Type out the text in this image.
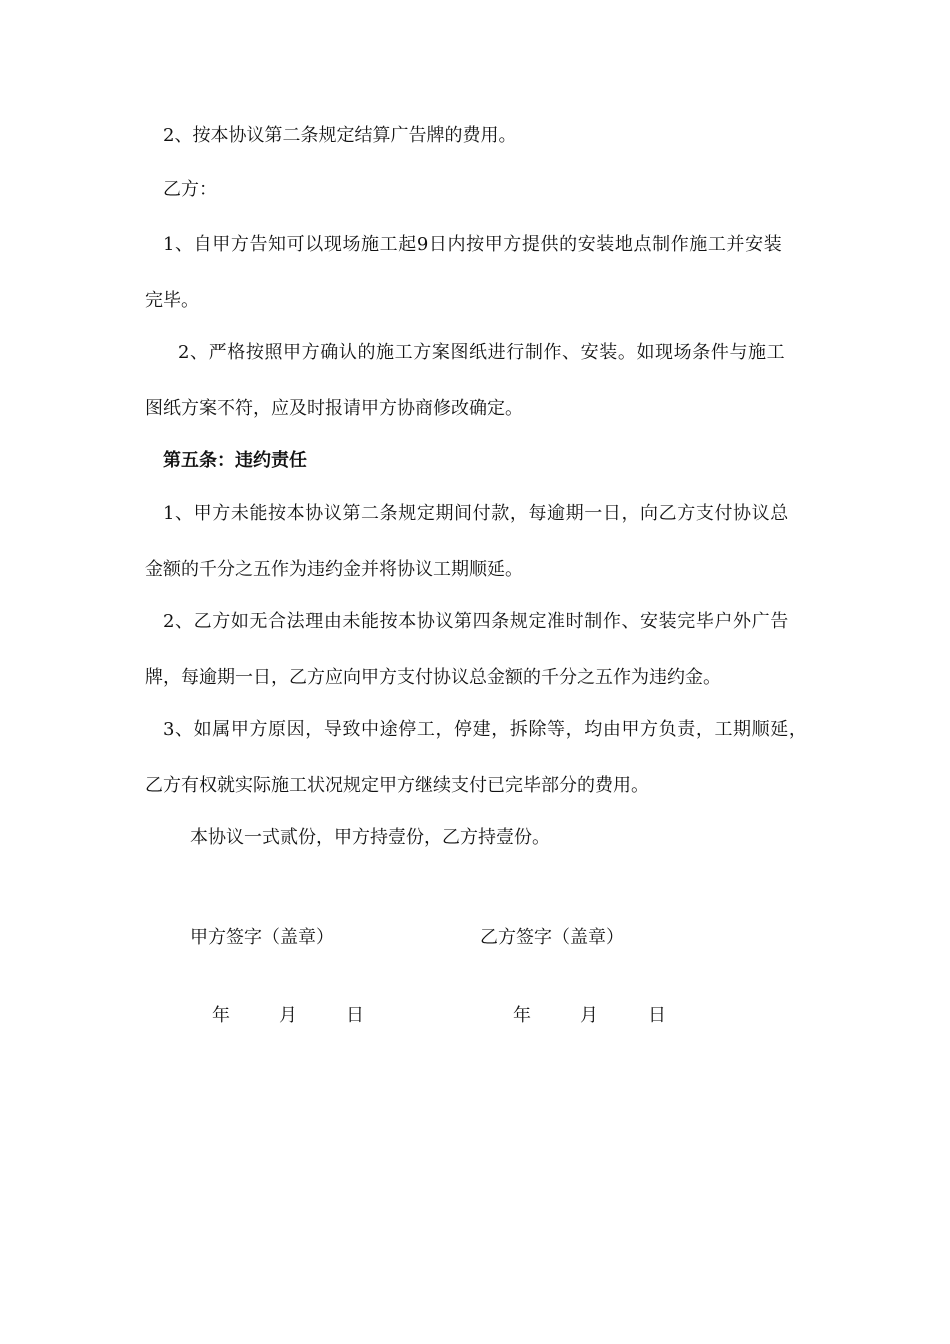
2、按本协议第二条规定结算广告牌的费用。
乙方：
1、自甲方告知可以现场施工起9日内按甲方提供的安装地点制作施工并安装
完毕。
2、严格按照甲方确认的施工方案图纸进行制作、安装。如现场条件与施工
图纸方案不符，应及时报请甲方协商修改确定。
第五条：违约责任
1、甲方未能按本协议第二条规定期间付款，每逾期一日，向乙方支付协议总
金额的千分之五作为违约金并将协议工期顺延。
2、乙方如无合法理由未能按本协议第四条规定准时制作、安装完毕户外广告
牌，每逾期一日，乙方应向甲方支付协议总金额的千分之五作为违约金。
3、如属甲方原因，导致中途停工，停建，拆除等，均由甲方负责，工期顺延，
乙方有权就实际施工状况规定甲方继续支付已完毕部分的费用。
本协议一式贰份，甲方持壹份，乙方持壹份。
甲方签字（盖章）	乙方签字（盖章）
年	月	日	年	月	日
